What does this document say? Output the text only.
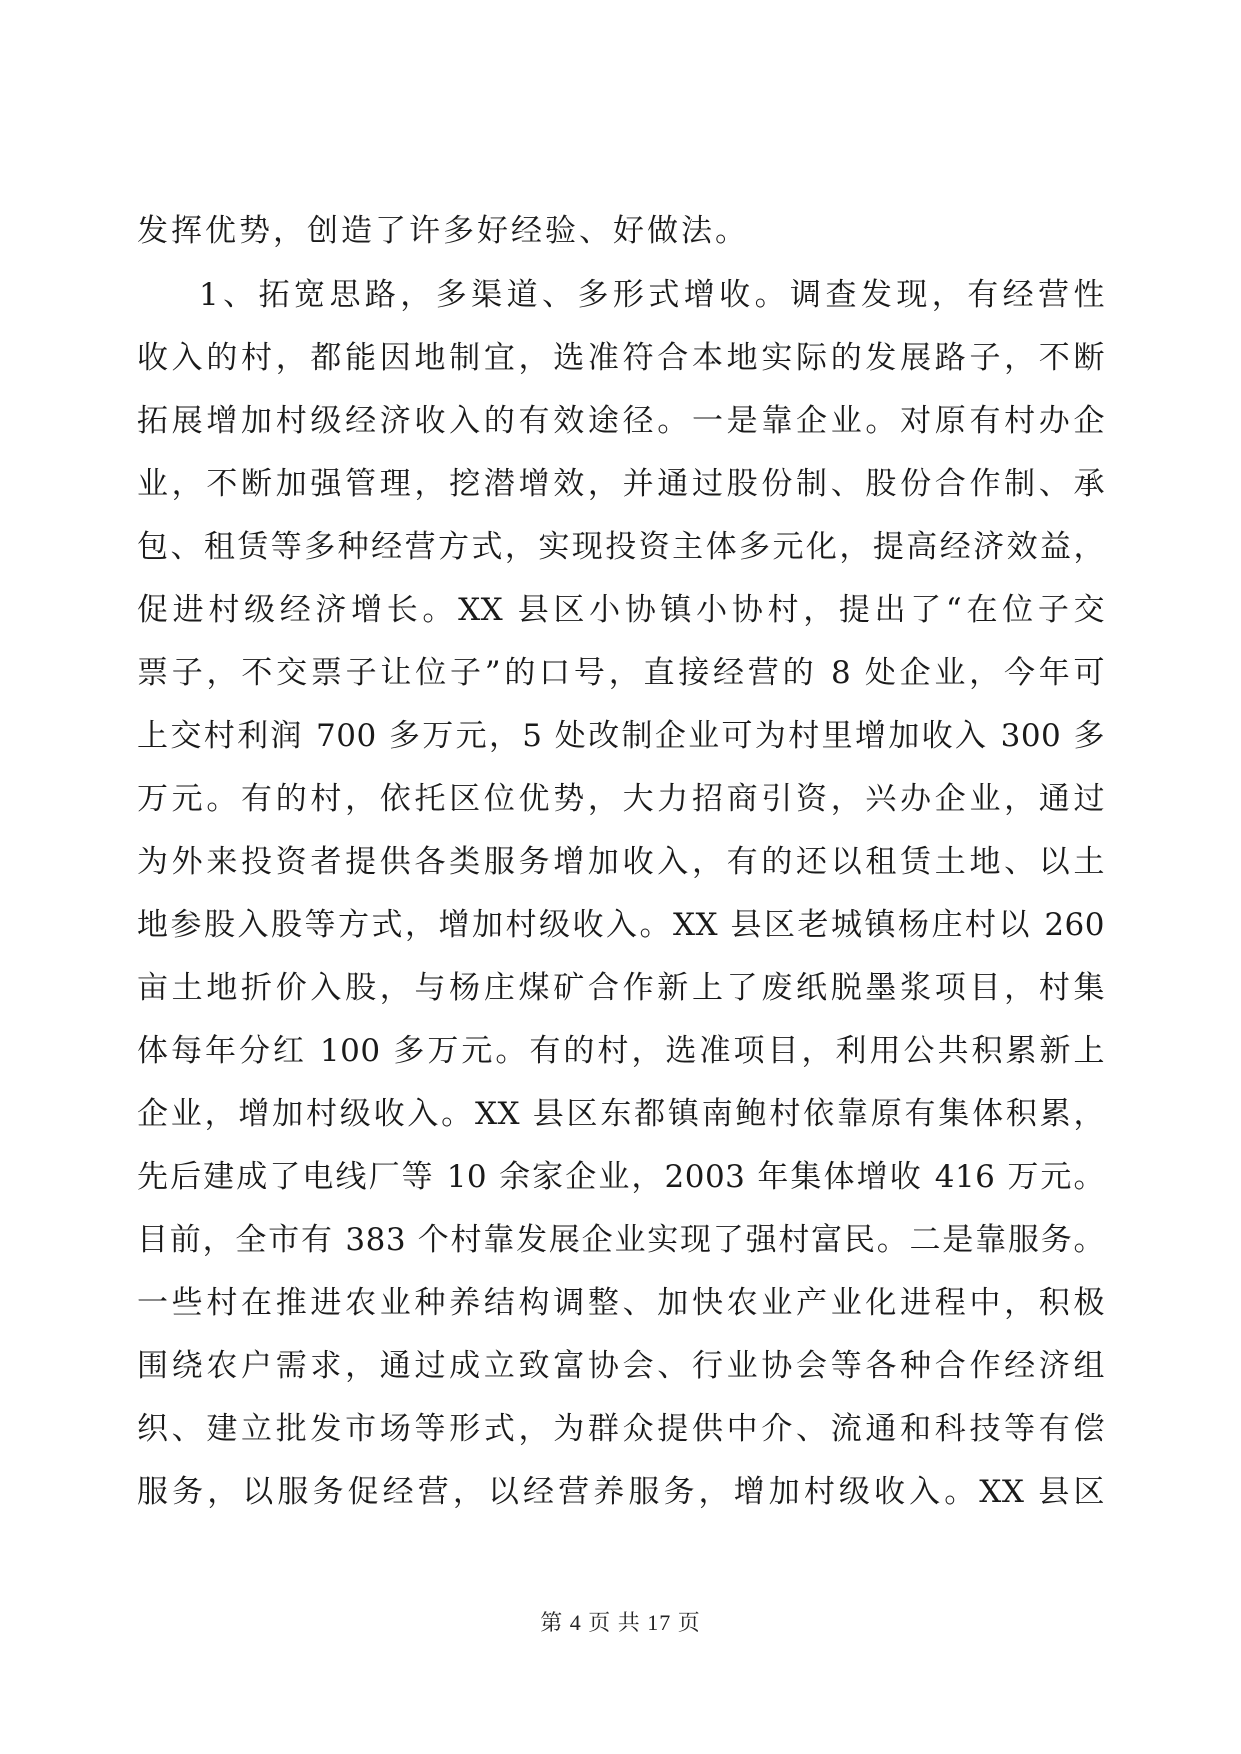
发挥优势，创造了许多好经验、好做法。
1、拓宽思路，多渠道、多形式增收。调查发现，有经营性
收入的村，都能因地制宜，选准符合本地实际的发展路子，不断
拓展增加村级经济收入的有效途径。一是靠企业。对原有村办企
业，不断加强管理，挖潜增效，并通过股份制、股份合作制、承
包、租赁等多种经营方式，实现投资主体多元化，提高经济效益，
促进村级经济增长。XX 县区小协镇小协村，提出了“在位子交
票子，不交票子让位子”的口号，直接经营的 8 处企业，今年可
上交村利润 700 多万元，5 处改制企业可为村里增加收入 300 多
万元。有的村，依托区位优势，大力招商引资，兴办企业，通过
为外来投资者提供各类服务增加收入，有的还以租赁土地、以土
地参股入股等方式，增加村级收入。XX 县区老城镇杨庄村以 260
亩土地折价入股，与杨庄煤矿合作新上了废纸脱墨浆项目，村集
体每年分红 100 多万元。有的村，选准项目，利用公共积累新上
企业，增加村级收入。XX 县区东都镇南鲍村依靠原有集体积累，
先后建成了电线厂等 10 余家企业，2003 年集体增收 416 万元。
目前，全市有 383 个村靠发展企业实现了强村富民。二是靠服务。
一些村在推进农业种养结构调整、加快农业产业化进程中，积极
围绕农户需求，通过成立致富协会、行业协会等各种合作经济组
织、建立批发市场等形式，为群众提供中介、流通和科技等有偿
服务，以服务促经营，以经营养服务，增加村级收入。XX 县区
第 4 页 共 17 页
